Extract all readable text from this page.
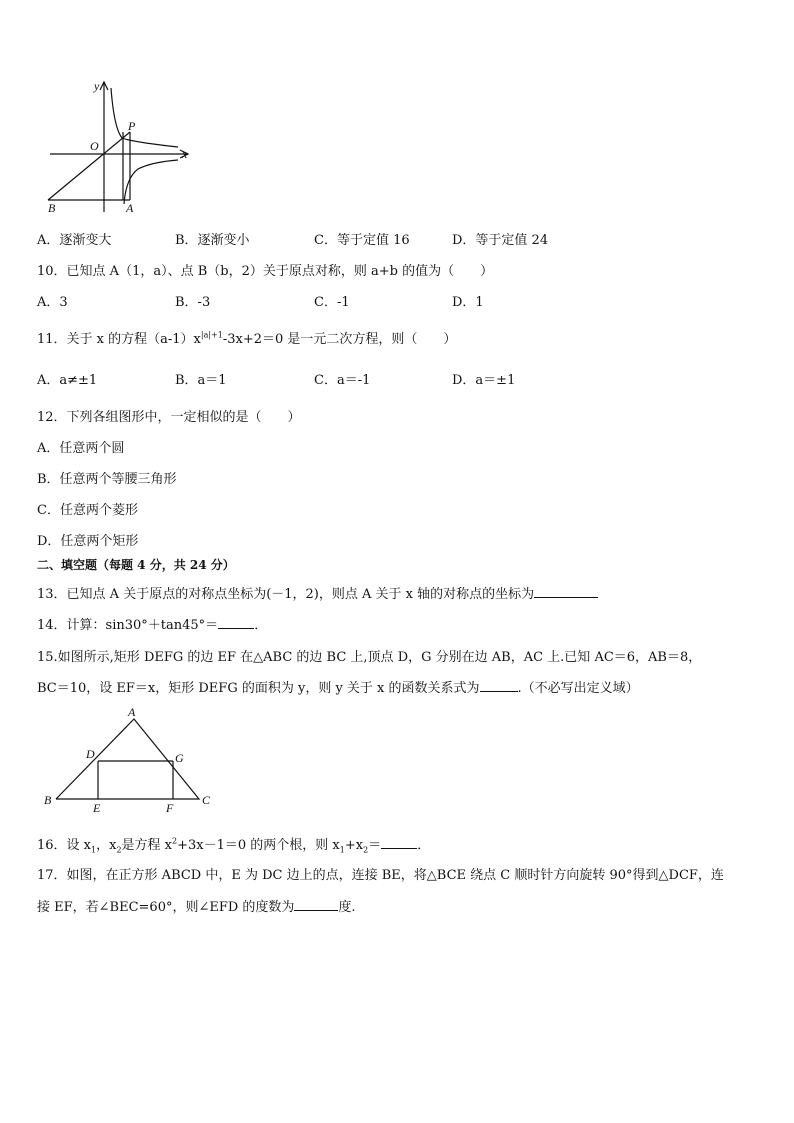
y
O
P
x
B	A
A．逐渐变大	B．逐渐变小	C．等于定值 16	D．等于定值 24
10．已知点 A（1，a）、点 B（b，2）关于原点对称，则 a+b 的值为（　　）
A．3	B．-3	C．-1	D．1
11．关于 x 的方程$(a-1)x^{|a|+1}-3x+2=0$ 是一元二次方程，则（　　）
A．a≠±1	B．a＝1	C．a＝-1	D．a＝±1
12．下列各组图形中，一定相似的是（　　）
A．任意两个圆
B．任意两个等腰三角形
C．任意两个菱形
D．任意两个矩形
二、填空题（每题 4 分，共 24 分）
13．已知点 A 关于原点的对称点坐标为(－1，2)，则点 A 关于 x 轴的对称点的坐标为
14．计算：sin30°＋tan45°＝	．
15.如图所示,矩形 DEFG 的边 EF 在△ABC 的边 BC 上,顶点 D，G 分别在边 AB，AC 上.已知 AC＝6，AB＝8，
BC＝10，设 EF＝x，矩形 DEFG 的面积为 y，则 y 关于 x 的函数关系式为	.（不必写出定义域）
A
D	G
B
E	F
C
16．设 $x_1$，$x_2$是方程 $x^2+3x-1=0$ 的两个根，则 $x_1+x_2=$	．
17．如图，在正方形 ABCD 中，E 为 DC 边上的点，连接 BE，将△BCE 绕点 C 顺时针方向旋转 90°得到△DCF，连
接 EF，若∠BEC=60°，则∠EFD 的度数为	度.
